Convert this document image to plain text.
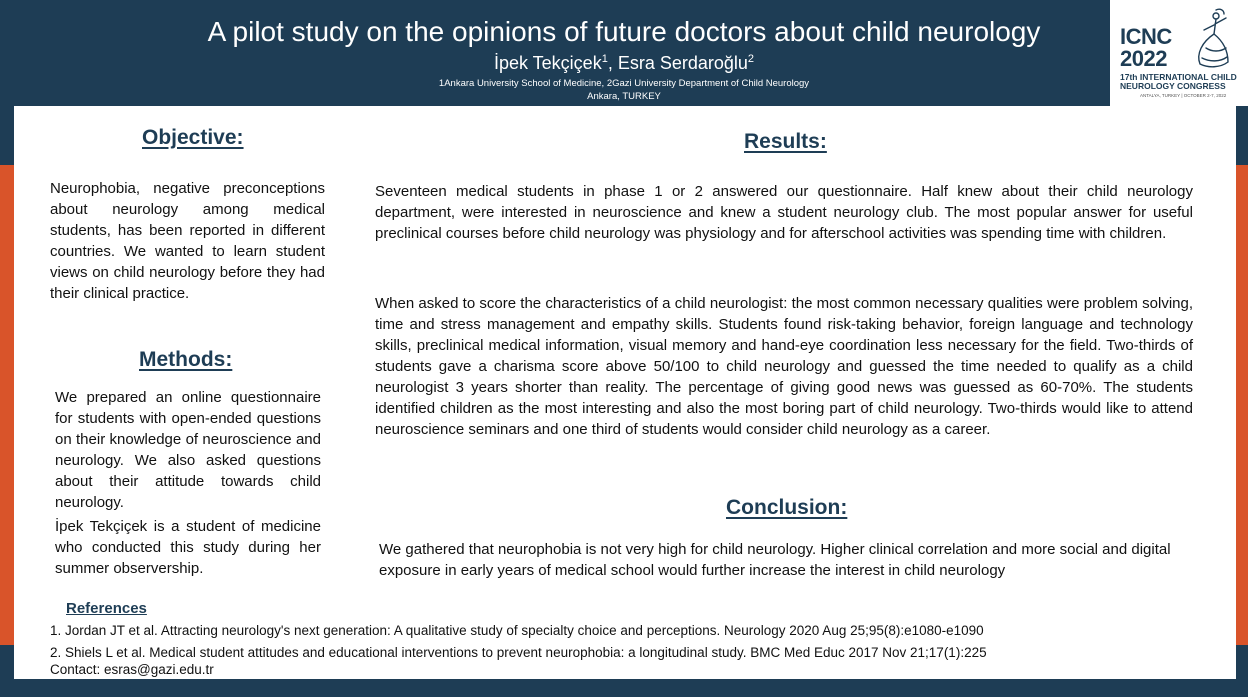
A pilot study on the opinions of future doctors about child neurology
İpek Tekçiçek$^1$, Esra Serdaroğlu$^2$
1Ankara University School of Medicine, 2Gazi University Department of Child Neurology
Ankara, TURKEY
ICNC
2022
17th INTERNATIONAL CHILD
NEUROLOGY CONGRESS
ANTALYA, TURKEY | OCTOBER 2-7, 2022
Objective:
Neurophobia, negative preconceptions about neurology among medical students, has been reported in different countries. We wanted to learn student views on child neurology before they had their clinical practice.
Methods:
We prepared an online questionnaire for students with open-ended questions on their knowledge of neuroscience and neurology. We also asked questions about their attitude towards child neurology.
İpek Tekçiçek is a student of medicine who conducted this study during her summer observership.
Results:
Seventeen medical students in phase 1 or 2 answered our questionnaire. Half knew about their child neurology department, were interested in neuroscience and knew a student neurology club. The most popular answer for useful preclinical courses before child neurology was physiology and for afterschool activities was spending time with children.
When asked to score the characteristics of a child neurologist: the most common necessary qualities were problem solving, time and stress management and empathy skills. Students found risk-taking behavior, foreign language and technology skills, preclinical medical information, visual memory and hand-eye coordination less necessary for the field. Two-thirds of students gave a charisma score above 50/100 to child neurology and guessed the time needed to qualify as a child neurologist 3 years shorter than reality. The percentage of giving good news was guessed as 60-70%. The students identified children as the most interesting and also the most boring part of child neurology. Two-thirds would like to attend neuroscience seminars and one third of students would consider child neurology as a career.
Conclusion:
We gathered that neurophobia is not very high for child neurology. Higher clinical correlation and more social and digital exposure in early years of medical school would further increase the interest in child neurology
References
1. Jordan JT et al. Attracting neurology's next generation: A qualitative study of specialty choice and perceptions. Neurology 2020 Aug 25;95(8):e1080-e1090
2. Shiels L et al. Medical student attitudes and educational interventions to prevent neurophobia: a longitudinal study. BMC Med Educ 2017 Nov 21;17(1):225
Contact: esras@gazi.edu.tr
